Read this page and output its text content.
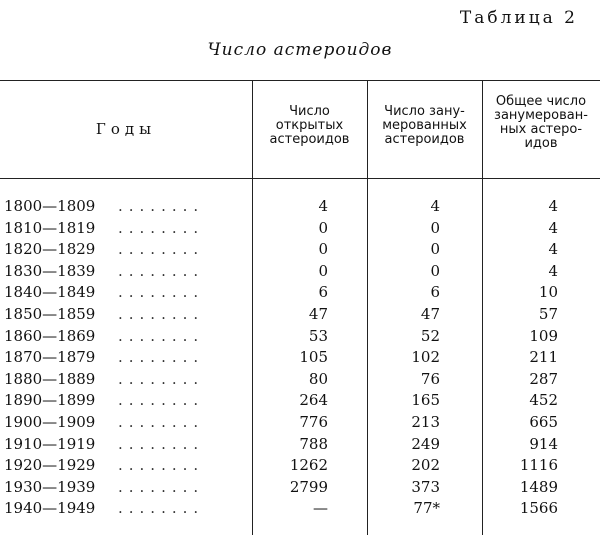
Таблица 2
Число астероидов
Годы
Число
открытых
астероидов
Число зану-
мерованных
астероидов
Общее число
занумерован-
ных астеро-
идов
1800—1809 ........	4	4	4
1810—1819 ........	0	0	4
1820—1829 ........	0	0	4
1830—1839 ........	0	0	4
1840—1849 ........	6	6	10
1850—1859 ........	47	47	57
1860—1869 ........	53	52	109
1870—1879 ........	105	102	211
1880—1889 ........	80	76	287
1890—1899 ........	264	165	452
1900—1909 ........	776	213	665
1910—1919 ........	788	249	914
1920—1929 ........	1262	202	1116
1930—1939 ........	2799	373	1489
1940—1949 ........	—	77*	1566
